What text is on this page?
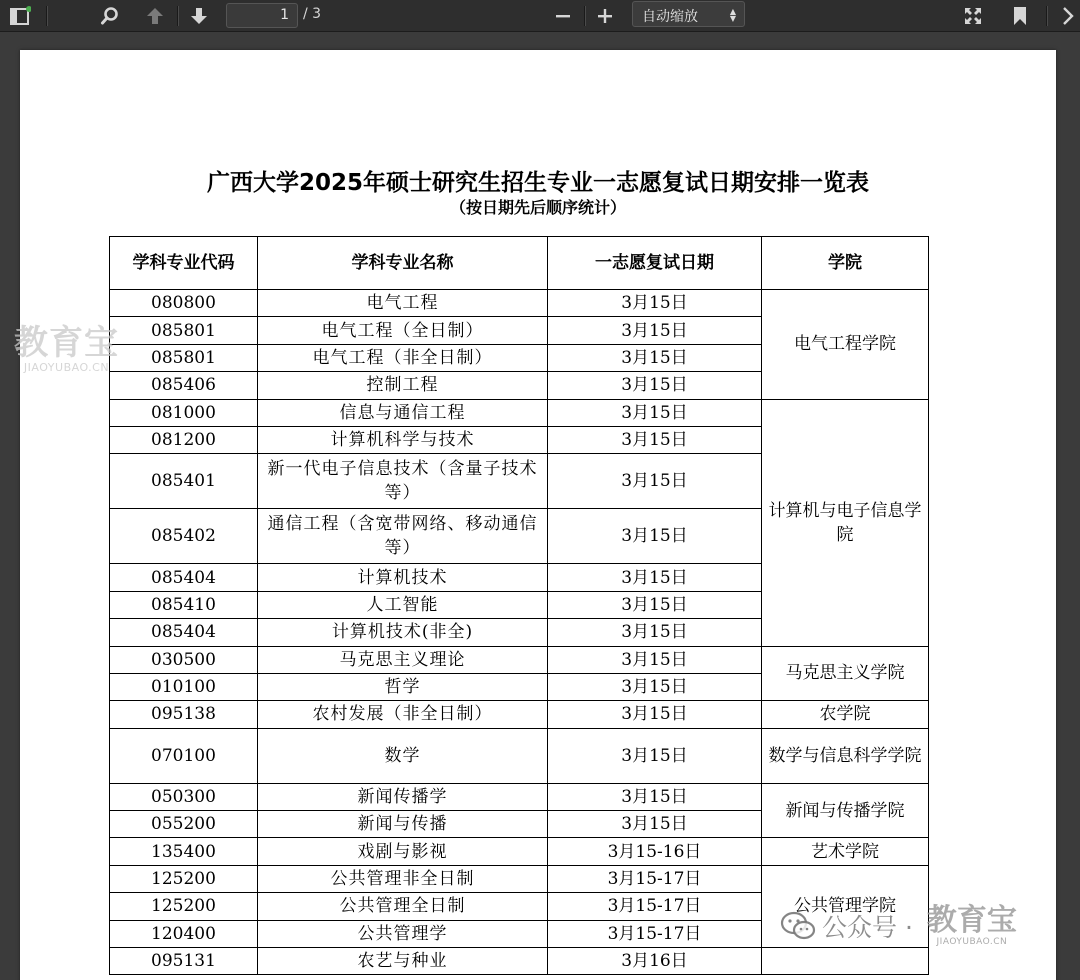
1	/ 3	自动缩放	▲
▼
广西大学2025年硕士研究生招生专业一志愿复试日期安排一览表
（按日期先后顺序统计）
学科专业代码	学科专业名称	一志愿复试日期	学院
080800	电气工程	3月15日	电气工程学院
085801	电气工程（全日制）	3月15日	
085801	电气工程（非全日制）	3月15日	
085406	控制工程	3月15日	
081000	信息与通信工程	3月15日	计算机与电子信息学院
081200	计算机科学与技术	3月15日	
085401	新一代电子信息技术（含量子技术等）	3月15日	
085402	通信工程（含宽带网络、移动通信等）	3月15日	
085404	计算机技术	3月15日	
085410	人工智能	3月15日	
085404	计算机技术(非全)	3月15日	
030500	马克思主义理论	3月15日	马克思主义学院
010100	哲学	3月15日	
095138	农村发展（非全日制）	3月15日	农学院
070100	数学	3月15日	数学与信息科学学院
050300	新闻传播学	3月15日	新闻与传播学院
055200	新闻与传播	3月15日	
135400	戏剧与影视	3月15-16日	艺术学院
125200	公共管理非全日制	3月15-17日	公共管理学院
125200	公共管理全日制	3月15-17日	
120400	公共管理学	3月15-17日	
095131	农艺与种业	3月16日	
教育宝
JIAOYUBAO.CN
公众号 · 教育宝
JIAOYUBAO.CN
